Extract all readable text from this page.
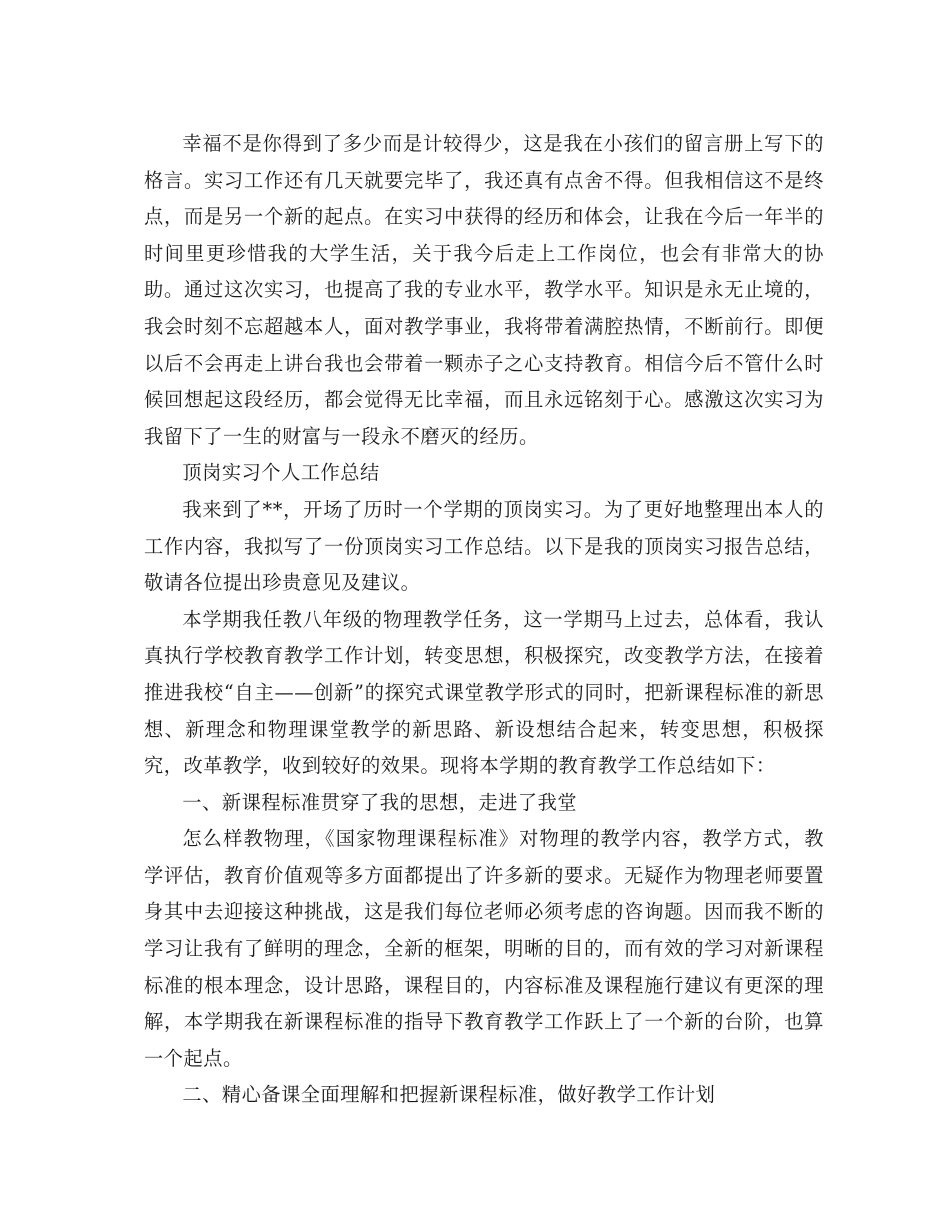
幸福不是你得到了多少而是计较得少，这是我在小孩们的留言册上写下的格言。实习工作还有几天就要完毕了，我还真有点舍不得。但我相信这不是终点，而是另一个新的起点。在实习中获得的经历和体会，让我在今后一年半的时间里更珍惜我的大学生活，关于我今后走上工作岗位，也会有非常大的协助。通过这次实习，也提高了我的专业水平，教学水平。知识是永无止境的，我会时刻不忘超越本人，面对教学事业，我将带着满腔热情，不断前行。即便以后不会再走上讲台我也会带着一颗赤子之心支持教育。相信今后不管什么时候回想起这段经历，都会觉得无比幸福，而且永远铭刻于心。感激这次实习为我留下了一生的财富与一段永不磨灭的经历。

顶岗实习个人工作总结

我来到了**，开场了历时一个学期的顶岗实习。为了更好地整理出本人的工作内容，我拟写了一份顶岗实习工作总结。以下是我的顶岗实习报告总结，敬请各位提出珍贵意见及建议。

本学期我任教八年级的物理教学任务，这一学期马上过去，总体看，我认真执行学校教育教学工作计划，转变思想，积极探究，改变教学方法，在接着推进我校“自主——创新”的探究式课堂教学形式的同时，把新课程标准的新思想、新理念和物理课堂教学的新思路、新设想结合起来，转变思想，积极探究，改革教学，收到较好的效果。现将本学期的教育教学工作总结如下：

一、新课程标准贯穿了我的思想，走进了我堂

怎么样教物理，《国家物理课程标准》对物理的教学内容，教学方式，教学评估，教育价值观等多方面都提出了许多新的要求。无疑作为物理老师要置身其中去迎接这种挑战，这是我们每位老师必须考虑的咨询题。因而我不断的学习让我有了鲜明的理念，全新的框架，明晰的目的，而有效的学习对新课程标准的根本理念，设计思路，课程目的，内容标准及课程施行建议有更深的理解，本学期我在新课程标准的指导下教育教学工作跃上了一个新的台阶，也算一个起点。

二、精心备课全面理解和把握新课程标准，做好教学工作计划
